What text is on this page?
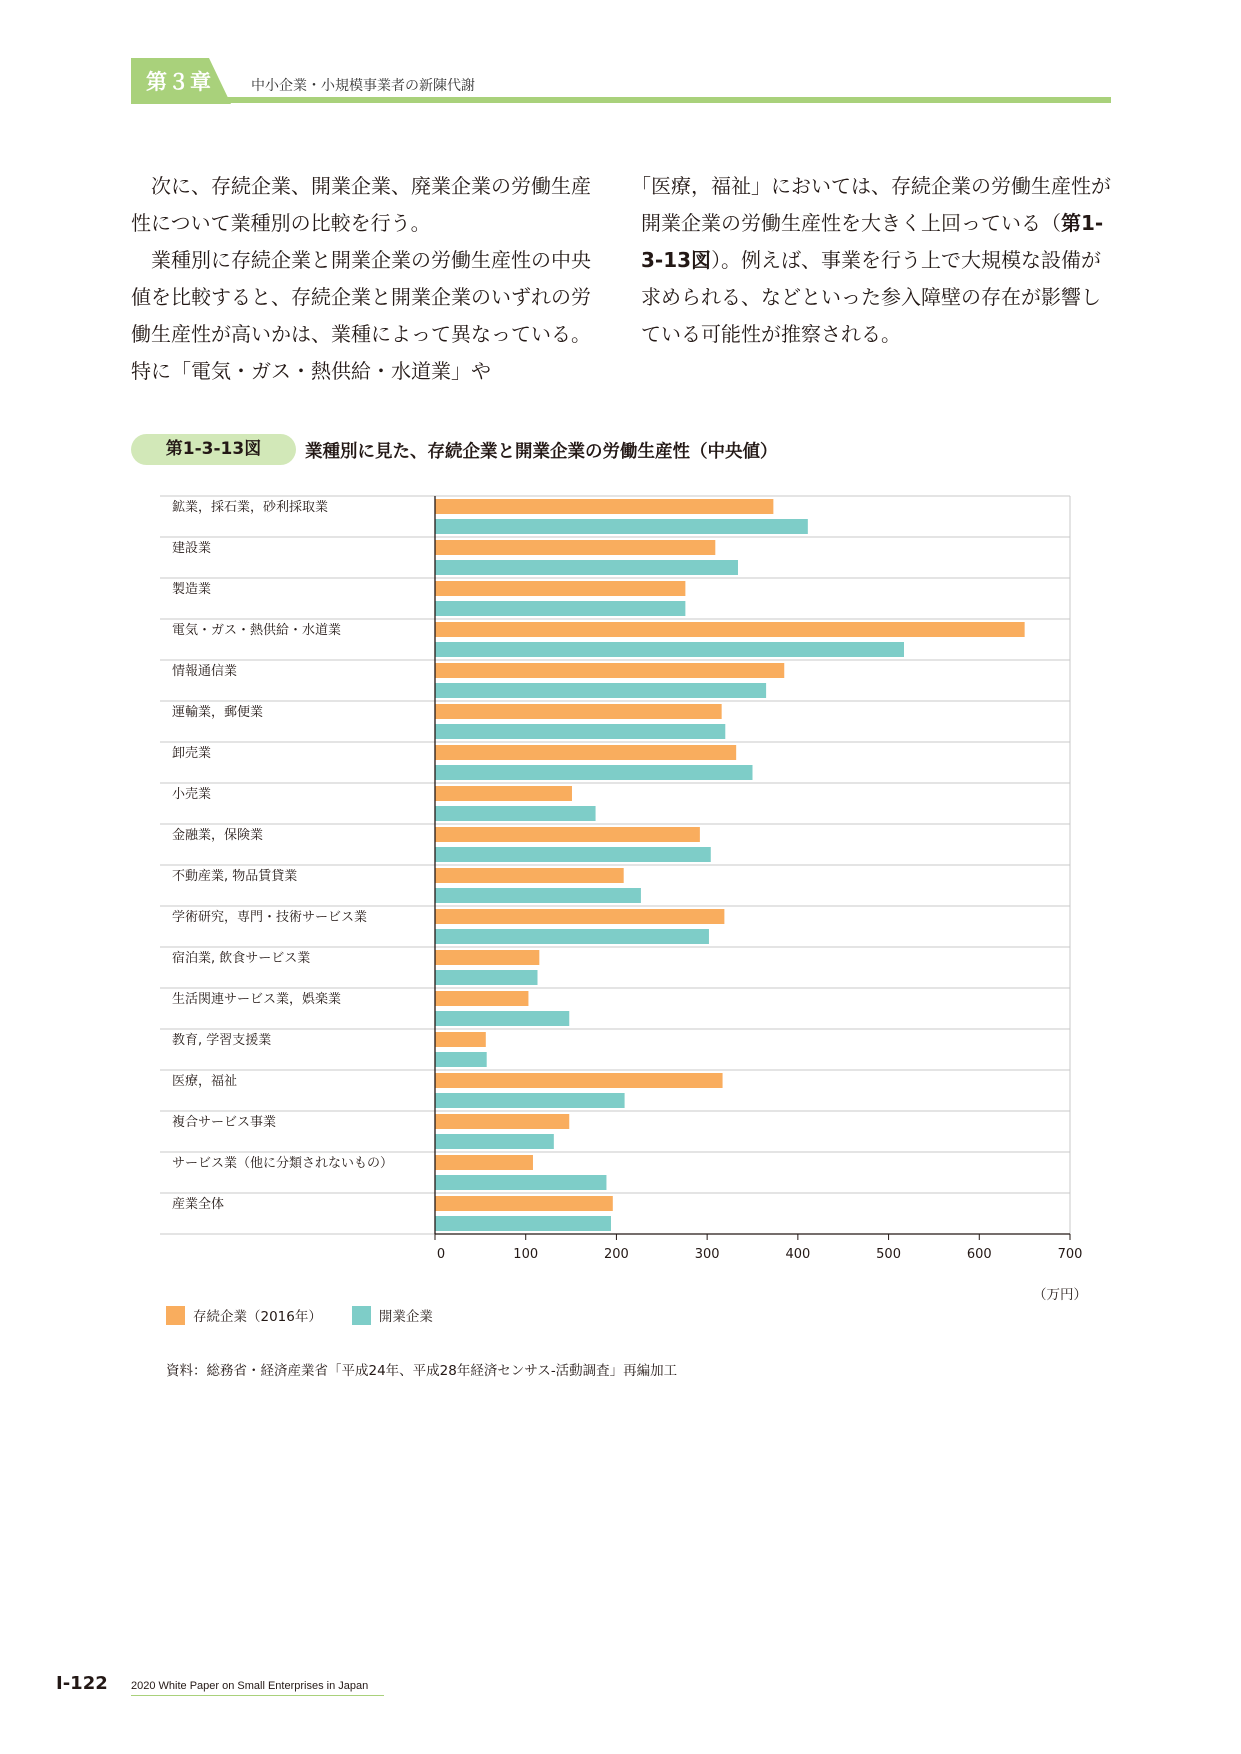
第３章	中小企業・小規模事業者の新陳代謝

次に、存続企業、開業企業、廃業企業の労働生産性について業種別の比較を行う。

業種別に存続企業と開業企業の労働生産性の中央値を比較すると、存続企業と開業企業のいずれの労働生産性が高いかは、業種によって異なっている。特に「電気・ガス・熱供給・水道業」や

「医療，福祉」においては、存続企業の労働生産性が開業企業の労働生産性を大きく上回っている（第1-3-13図）。例えば、事業を行う上で大規模な設備が求められる、などといった参入障壁の存在が影響している可能性が推察される。

第1-3-13図	業種別に見た、存続企業と開業企業の労働生産性（中央値）
鉱業，採石業，砂利採取業
建設業
製造業
電気・ガス・熱供給・水道業
情報通信業
運輸業，郵便業
卸売業
小売業
金融業，保険業
不動産業, 物品賃貸業
学術研究，専門・技術サービス業
宿泊業, 飲食サービス業
生活関連サービス業，娯楽業
教育, 学習支援業
医療，福祉
複合サービス事業
サービス業（他に分類されないもの）
産業全体
0	100	200	300	400	500	600	700
（万円）
存続企業（2016年）	開業企業
資料：総務省・経済産業省「平成24年、平成28年経済センサス‐活動調査」再編加工
Ⅰ-122 2020 White Paper on Small Enterprises in Japan
